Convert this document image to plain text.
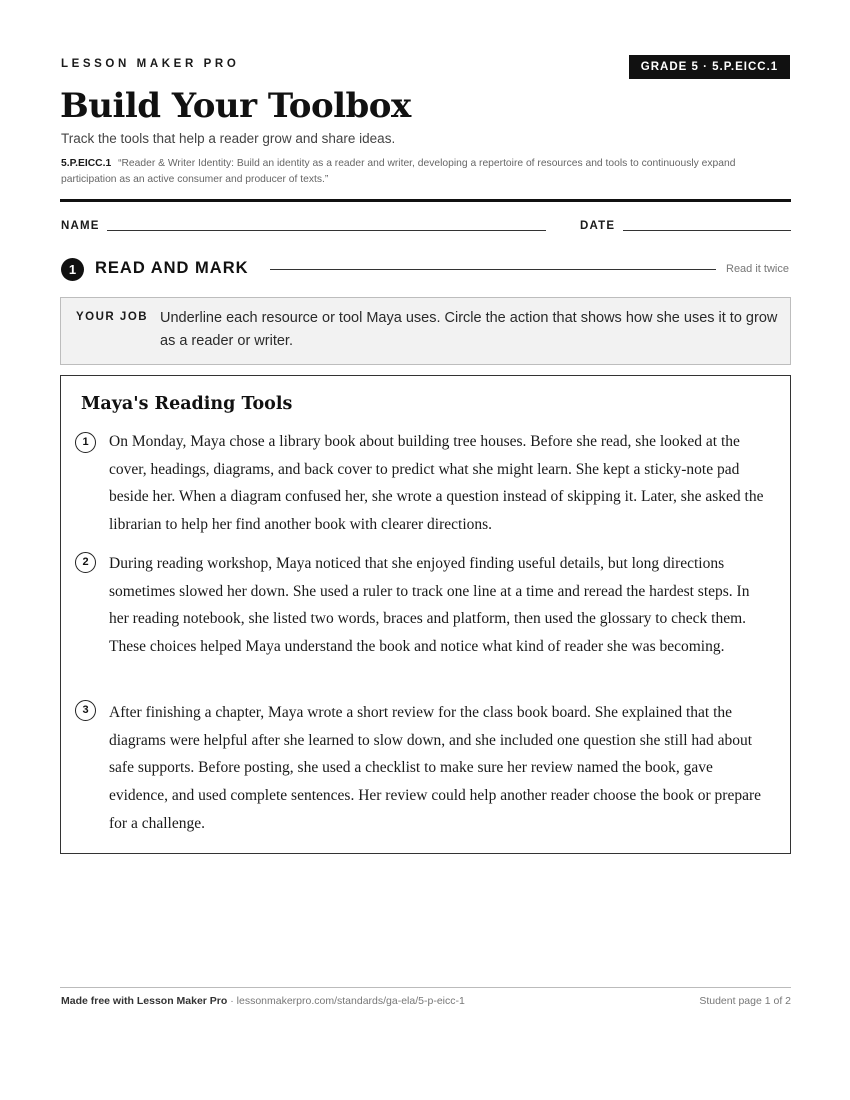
LESSON MAKER PRO	GRADE 5 · 5.P.EICC.1
Build Your Toolbox
Track the tools that help a reader grow and share ideas.
5.P.EICC.1 “Reader & Writer Identity: Build an identity as a reader and writer, developing a repertoire of resources and tools to continuously expand participation as an active consumer and producer of texts.”
NAME	DATE
1	READ AND MARK	Read it twice
YOUR JOB Underline each resource or tool Maya uses. Circle the action that shows how she uses it to grow as a reader or writer.
Maya's Reading Tools
1	On Monday, Maya chose a library book about building tree houses. Before she read, she looked at the cover, headings, diagrams, and back cover to predict what she might learn. She kept a sticky-note pad beside her. When a diagram confused her, she wrote a question instead of skipping it. Later, she asked the librarian to help her find another book with clearer directions.
2	During reading workshop, Maya noticed that she enjoyed finding useful details, but long directions sometimes slowed her down. She used a ruler to track one line at a time and reread the hardest steps. In her reading notebook, she listed two words, braces and platform, then used the glossary to check them. These choices helped Maya understand the book and notice what kind of reader she was becoming.
3	After finishing a chapter, Maya wrote a short review for the class book board. She explained that the diagrams were helpful after she learned to slow down, and she included one question she still had about safe supports. Before posting, she used a checklist to make sure her review named the book, gave evidence, and used complete sentences. Her review could help another reader choose the book or prepare for a challenge.
Made free with Lesson Maker Pro · lessonmakerpro.com/standards/ga-ela/5-p-eicc-1	Student page 1 of 2
